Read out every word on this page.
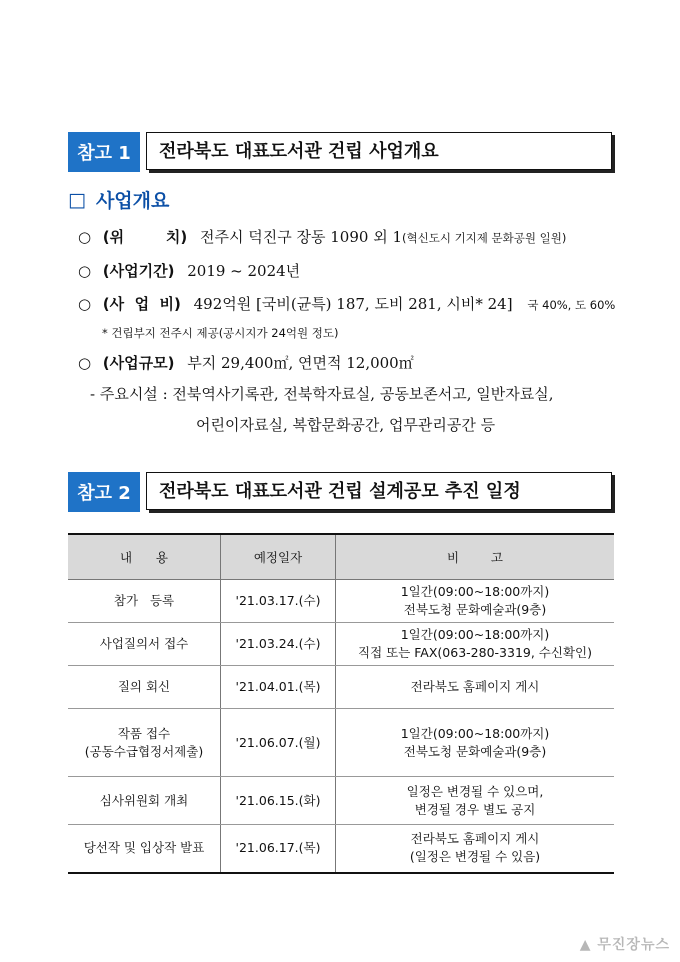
참고 1	전라북도 대표도서관 건립 사업개요
□ 사업개요
○ (위        치) 전주시 덕진구 장동 1090 외 1(혁신도시 기지제 문화공원 일원)
○ (사업기간) 2019 ~ 2024년
○ (사  업  비) 492억원 [국비(균특) 187, 도비 281, 시비* 24] 국 40%, 도 60%
* 건립부지 전주시 제공(공시지가 24억원 정도)
○ (사업규모) 부지 29,400㎡, 연면적 12,000㎡
- 주요시설 : 전북역사기록관, 전북학자료실, 공동보존서고, 일반자료실,
어린이자료실, 복합문화공간, 업무관리공간 등
참고 2	전라북도 대표도서관 건립 설계공모 추진 일정
내      용	예정일자	비        고
참가   등록	'21.03.17.(수)	1일간(09:00~18:00까지)
전북도청 문화예술과(9층)
사업질의서 접수	'21.03.24.(수)	1일간(09:00~18:00까지)
직접 또는 FAX(063-280-3319, 수신확인)
질의 회신	'21.04.01.(목)	전라북도 홈페이지 게시
작품 접수
(공동수급협정서제출)	'21.06.07.(월)	1일간(09:00~18:00까지)
전북도청 문화예술과(9층)
심사위원회 개최	'21.06.15.(화)	일정은 변경될 수 있으며,
변경될 경우 별도 공지
당선작 및 입상작 발표	'21.06.17.(목)	전라북도 홈페이지 게시
(일정은 변경될 수 있음)
▲ 무진장뉴스
